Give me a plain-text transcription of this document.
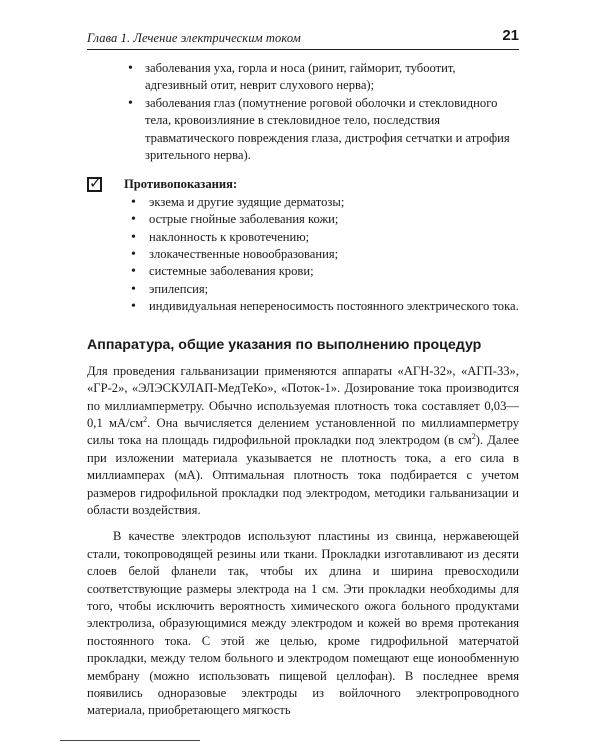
Глава 1. Лечение электрическим током	21
• заболевания уха, горла и носа (ринит, гайморит, тубоотит, адгезивный отит, неврит слухового нерва);
• заболевания глаз (помутнение роговой оболочки и стекловидного тела, кровоизлияние в стекловидное тело, последствия травматического повреждения глаза, дистрофия сетчатки и атрофия зрительного нерва).
✓	Противопоказания:
• экзема и другие зудящие дерматозы;
• острые гнойные заболевания кожи;
• наклонность к кровотечению;
• злокачественные новообразования;
• системные заболевания крови;
• эпилепсия;
• индивидуальная непереносимость постоянного электрического тока.
Аппаратура, общие указания по выполнению процедур

Для проведения гальванизации применяются аппараты «АГН-32», «АГП-33», «ГР-2», «ЭЛЭСКУЛАП-МедТеКо», «Поток-1». Дозирование тока производится по миллиамперметру. Обычно используемая плотность тока составляет 0,03—0,1 $мА/см^2$. Она вычисляется делением установленной по миллиамперметру силы тока на площадь гидрофильной прокладки под электродом (в $см^2$). Далее при изложении материала указывается не плотность тока, а его сила в миллиамперах (мА). Оптимальная плотность тока подбирается с учетом размеров гидрофильной прокладки под электродом, методики гальванизации и области воздействия.

В качестве электродов используют пластины из свинца, нержавеющей стали, токопроводящей резины или ткани. Прокладки изготавливают из десяти слоев белой фланели так, чтобы их длина и ширина превосходили соответствующие размеры электрода на 1 см. Эти прокладки необходимы для того, чтобы исключить вероятность химического ожога больного продуктами электролиза, образующимися между электродом и кожей во время протекания постоянного тока. С этой же целью, кроме гидрофильной матерчатой прокладки, между телом больного и электродом помещают еще ионообменную мембрану (можно использовать пищевой целлофан). В последнее время появились одноразовые электроды из войлочного электропроводного материала, приобретающего мягкость
